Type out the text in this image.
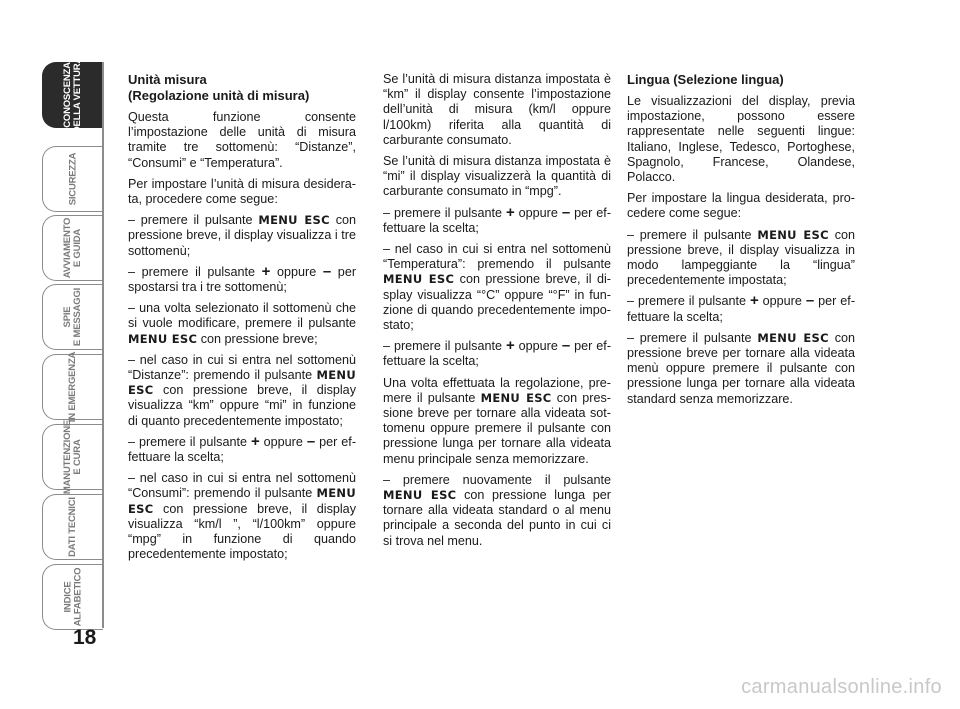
CONOSCENZA
DELLA VETTURA
SICUREZZA
AVVIAMENTO
E GUIDA
SPIE
E MESSAGGI
IN EMERGENZA
MANUTENZIONE
E CURA
DATI TECNICI
INDICE
ALFABETICO
18
Unità misura
(Regolazione unità di misura)

Questa funzione consente l’impostazione delle unità di misura tramite tre sottomenù: “Distanze”, “Consumi” e “Temperatura”.

Per impostare l’unità di misura desiderata, procedere come segue:

– premere il pulsante MENU ESC con pressione breve, il display visualizza i tre sottomenù;

– premere il pulsante + oppure – per spostarsi tra i tre sottomenù;

– una volta selezionato il sottomenù che si vuole modificare, premere il pulsante MENU ESC con pressione breve;

– nel caso in cui si entra nel sottomenù “Distanze”: premendo il pulsante MENU ESC con pressione breve, il display visualizza “km” oppure “mi” in funzione di quanto precedentemente impostato;

– premere il pulsante + oppure – per effettuare la scelta;

– nel caso in cui si entra nel sottomenù “Consumi”: premendo il pulsante MENU ESC con pressione breve, il display visualizza “km/l ”, “l/100km” oppure “mpg” in funzione di quando precedentemente impostato;

Se l’unità di misura distanza impostata è “km” il display consente l’impostazione dell’unità di misura (km/l oppure l/100km) riferita alla quantità di carburante consumato.

Se l’unità di misura distanza impostata è “mi” il display visualizzerà la quantità di carburante consumato in “mpg”.

– premere il pulsante + oppure – per effettuare la scelta;

– nel caso in cui si entra nel sottomenù “Temperatura”: premendo il pulsante MENU ESC con pressione breve, il display visualizza “°C” oppure “°F” in funzione di quando precedentemente impostato;

– premere il pulsante + oppure – per effettuare la scelta;

Una volta effettuata la regolazione, premere il pulsante MENU ESC con pressione breve per tornare alla videata sottomenu oppure premere il pulsante con pressione lunga per tornare alla videata menu principale senza memorizzare.

– premere nuovamente il pulsante MENU ESC con pressione lunga per tornare alla videata standard o al menu principale a seconda del punto in cui ci si trova nel menu.

Lingua (Selezione lingua)

Le visualizzazioni del display, previa impostazione, possono essere rappresentate nelle seguenti lingue: Italiano, Inglese, Tedesco, Portoghese, Spagnolo, Francese, Olandese, Polacco.

Per impostare la lingua desiderata, procedere come segue:

– premere il pulsante MENU ESC con pressione breve, il display visualizza in modo lampeggiante la “lingua” precedentemente impostata;

– premere il pulsante + oppure – per effettuare la scelta;

– premere il pulsante MENU ESC con pressione breve per tornare alla videata menù oppure premere il pulsante con pressione lunga per tornare alla videata standard senza memorizzare.

carmanualsonline.info
